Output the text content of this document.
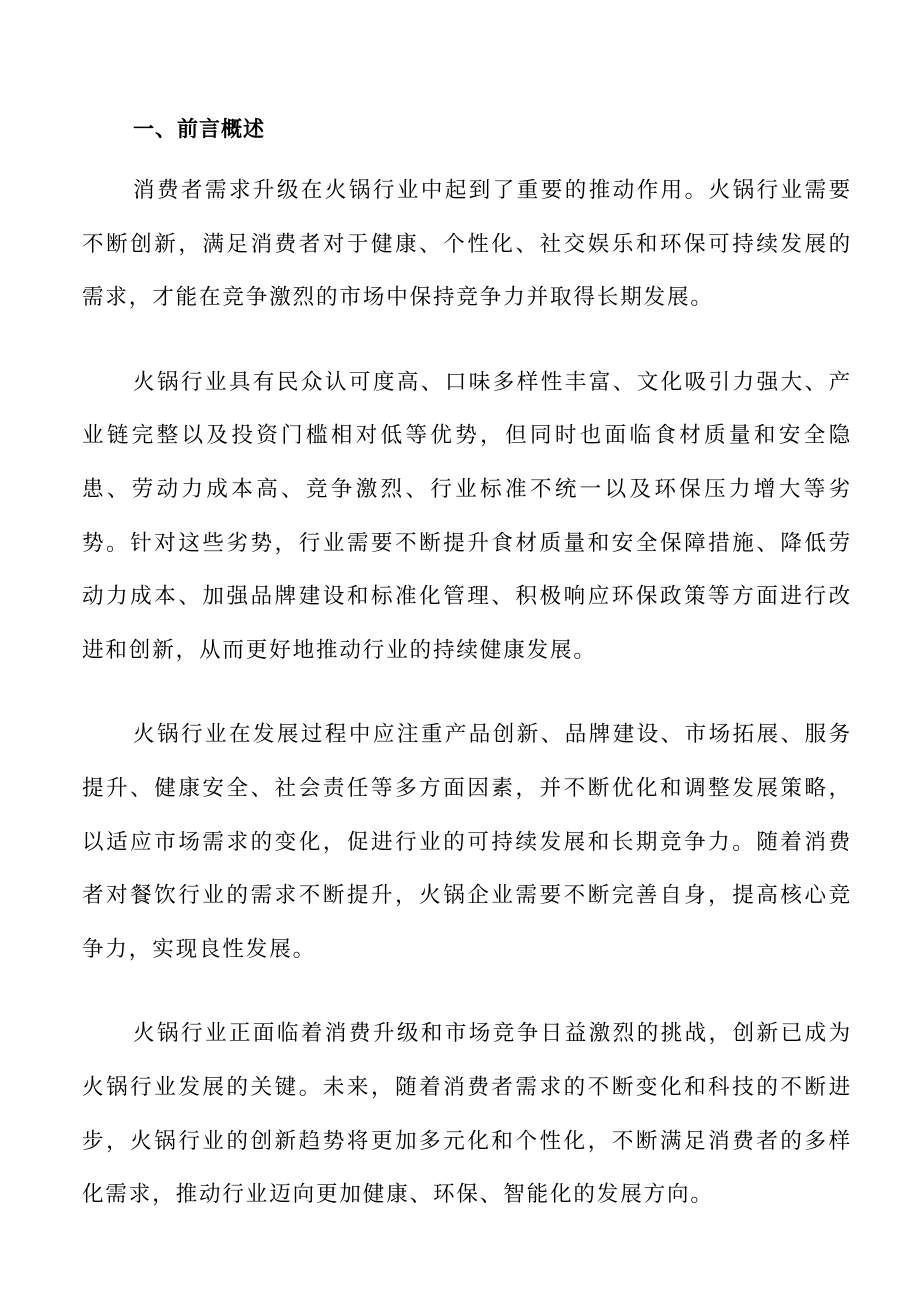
一、前言概述

消费者需求升级在火锅行业中起到了重要的推动作用。火锅行业需要不断创新，满足消费者对于健康、个性化、社交娱乐和环保可持续发展的需求，才能在竞争激烈的市场中保持竞争力并取得长期发展。

火锅行业具有民众认可度高、口味多样性丰富、文化吸引力强大、产业链完整以及投资门槛相对低等优势，但同时也面临食材质量和安全隐患、劳动力成本高、竞争激烈、行业标准不统一以及环保压力增大等劣势。针对这些劣势，行业需要不断提升食材质量和安全保障措施、降低劳动力成本、加强品牌建设和标准化管理、积极响应环保政策等方面进行改进和创新，从而更好地推动行业的持续健康发展。

火锅行业在发展过程中应注重产品创新、品牌建设、市场拓展、服务提升、健康安全、社会责任等多方面因素，并不断优化和调整发展策略，以适应市场需求的变化，促进行业的可持续发展和长期竞争力。随着消费者对餐饮行业的需求不断提升，火锅企业需要不断完善自身，提高核心竞争力，实现良性发展。

火锅行业正面临着消费升级和市场竞争日益激烈的挑战，创新已成为火锅行业发展的关键。未来，随着消费者需求的不断变化和科技的不断进步，火锅行业的创新趋势将更加多元化和个性化，不断满足消费者的多样化需求，推动行业迈向更加健康、环保、智能化的发展方向。
